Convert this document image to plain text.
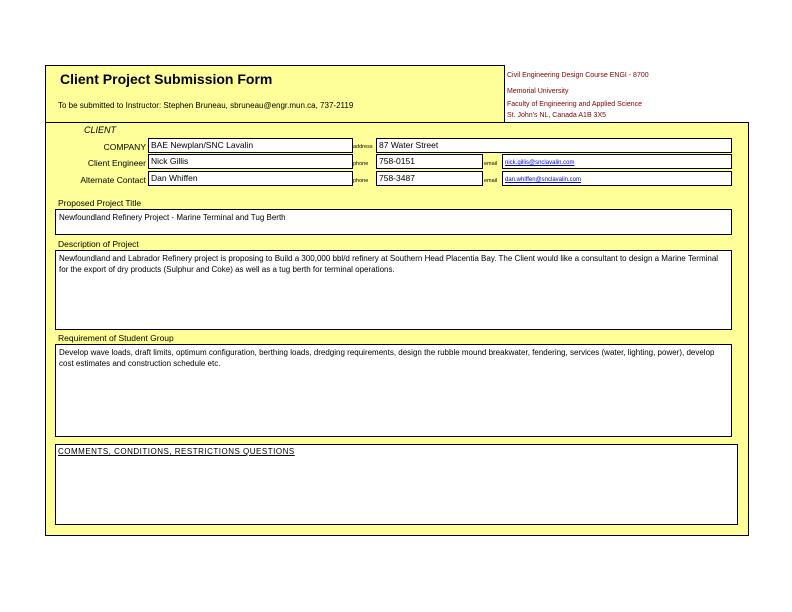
Civil Engineering Design Course ENGI - 8700
Memorial University
Faculty of Engineering and Applied Science
St. John's NL, Canada A1B 3X5
Client Project Submission Form
To be submitted to Instructor: Stephen Bruneau, sbruneau@engr.mun.ca, 737-2119
CLIENT
COMPANY BAE Newplan/SNC Lavalin	address 87 Water Street
Client Engineer Nick Gillis	phone	758-0151	email	nick.gillis@snclavalin.com
Alternate Contact Dan Whiffen	phone	758-3487	email	dan.whiffen@snclavalin.com
Proposed Project Title
Newfoundland Refinery Project - Marine Terminal and Tug Berth
Description of Project
Newfoundland and Labrador Refinery project is proposing to Build a 300,000 bbl/d refinery at Southern Head Placentia Bay. The Client would like a consultant to design a Marine Terminal for the export of dry products (Sulphur and Coke) as well as a tug berth for terminal operations.
Requirement of Student Group
Develop wave loads, draft limits, optimum configuration, berthing loads, dredging requirements, design the rubble mound breakwater, fendering, services (water, lighting, power), develop cost estimates and construction schedule etc.
COMMENTS, CONDITIONS, RESTRICTIONS QUESTIONS
